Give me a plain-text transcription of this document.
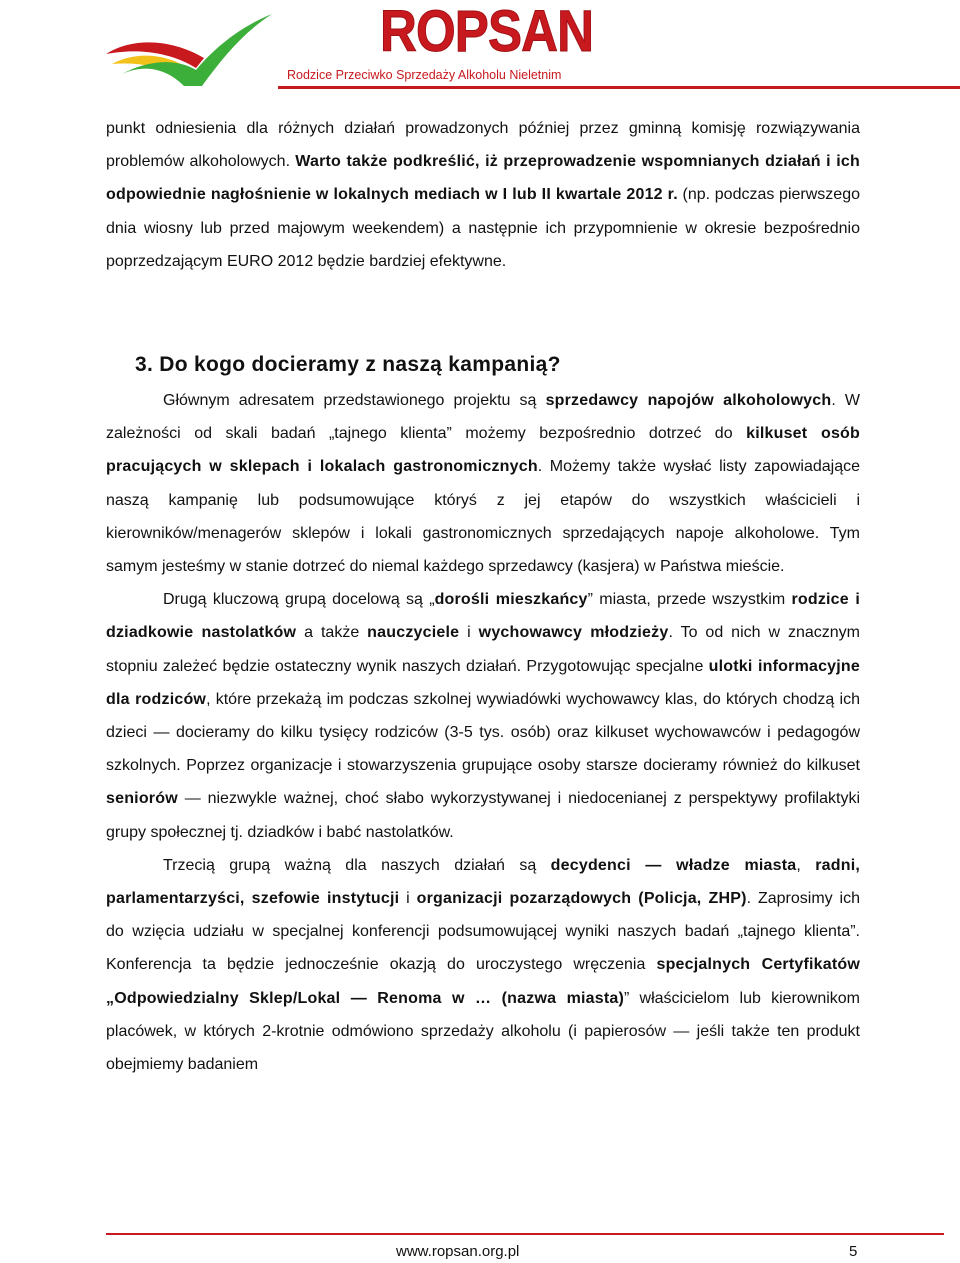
ROPSAN
Rodzice Przeciwko Sprzedaży Alkoholu Nieletnim

punkt odniesienia dla różnych działań prowadzonych później przez gminną komisję rozwiązywania problemów alkoholowych. Warto także podkreślić, iż przeprowadzenie wspomnianych działań i ich odpowiednie nagłośnienie w lokalnych mediach w I lub II kwartale 2012 r. (np. podczas pierwszego dnia wiosny lub przed majowym weekendem) a następnie ich przypomnienie w okresie bezpośrednio poprzedzającym EURO 2012 będzie bardziej efektywne.

3. Do kogo docieramy z naszą kampanią?

Głównym adresatem przedstawionego projektu są sprzedawcy napojów alkoholowych. W zależności od skali badań „tajnego klienta” możemy bezpośrednio dotrzeć do kilkuset osób pracujących w sklepach i lokalach gastronomicznych. Możemy także wysłać listy zapowiadające naszą kampanię lub podsumowujące któryś z jej etapów do wszystkich właścicieli i kierowników/menagerów sklepów i lokali gastronomicznych sprzedających napoje alkoholowe. Tym samym jesteśmy w stanie dotrzeć do niemal każdego sprzedawcy (kasjera) w Państwa mieście.

Drugą kluczową grupą docelową są „dorośli mieszkańcy” miasta, przede wszystkim rodzice i dziadkowie nastolatków a także nauczyciele i wychowawcy młodzieży. To od nich w znacznym stopniu zależeć będzie ostateczny wynik naszych działań. Przygotowując specjalne ulotki informacyjne dla rodziców, które przekażą im podczas szkolnej wywiadówki wychowawcy klas, do których chodzą ich dzieci — docieramy do kilku tysięcy rodziców (3-5 tys. osób) oraz kilkuset wychowawców i pedagogów szkolnych. Poprzez organizacje i stowarzyszenia grupujące osoby starsze docieramy również do kilkuset seniorów — niezwykle ważnej, choć słabo wykorzystywanej i niedocenianej z perspektywy profilaktyki grupy społecznej tj. dziadków i babć nastolatków.

Trzecią grupą ważną dla naszych działań są decydenci — władze miasta, radni, parlamentarzyści, szefowie instytucji i organizacji pozarządowych (Policja, ZHP). Zaprosimy ich do wzięcia udziału w specjalnej konferencji podsumowującej wyniki naszych badań „tajnego klienta”. Konferencja ta będzie jednocześnie okazją do uroczystego wręczenia specjalnych Certyfikatów „Odpowiedzialny Sklep/Lokal — Renoma w … (nazwa miasta)” właścicielom lub kierownikom placówek, w których 2-krotnie odmówiono sprzedaży alkoholu (i papierosów — jeśli także ten produkt obejmiemy badaniem

www.ropsan.org.pl	5
